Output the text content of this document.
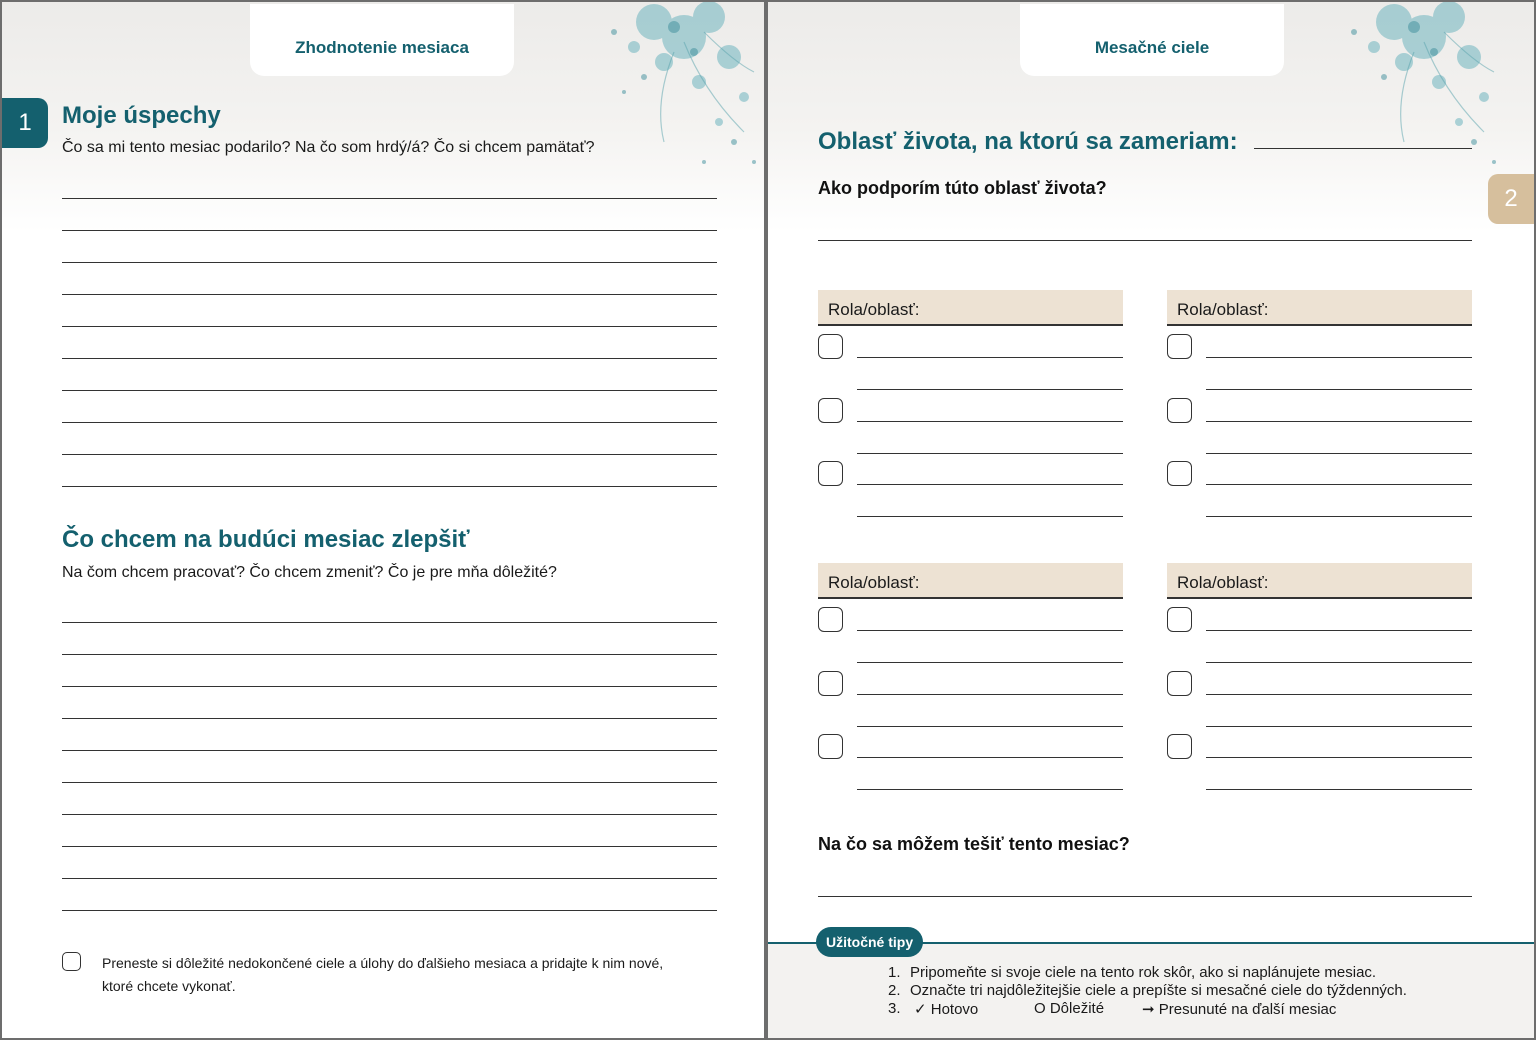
Zhodnotenie mesiaca
1	Moje úspechy
Čo sa mi tento mesiac podarilo? Na čo som hrdý/á? Čo si chcem pamätať?
Čo chcem na budúci mesiac zlepšiť
Na čom chcem pracovať? Čo chcem zmeniť? Čo je pre mňa dôležité?
Preneste si dôležité nedokončené ciele a úlohy do ďalšieho mesiaca a pridajte k nim nové,
ktoré chcete vykonať.
Mesačné ciele
2
Oblasť života, na ktorú sa zameriam:
Ako podporím túto oblasť života?
Rola/oblasť:	Rola/oblasť:
Rola/oblasť:	Rola/oblasť:
Na čo sa môžem tešiť tento mesiac?
Užitočné tipy
1. Pripomeňte si svoje ciele na tento rok skôr, ako si naplánujete mesiac.
2. Označte tri najdôležitejšie ciele a prepíšte si mesačné ciele do týždenných.
3. ✓ Hotovo	O Dôležité	➞ Presunuté na ďalší mesiac
